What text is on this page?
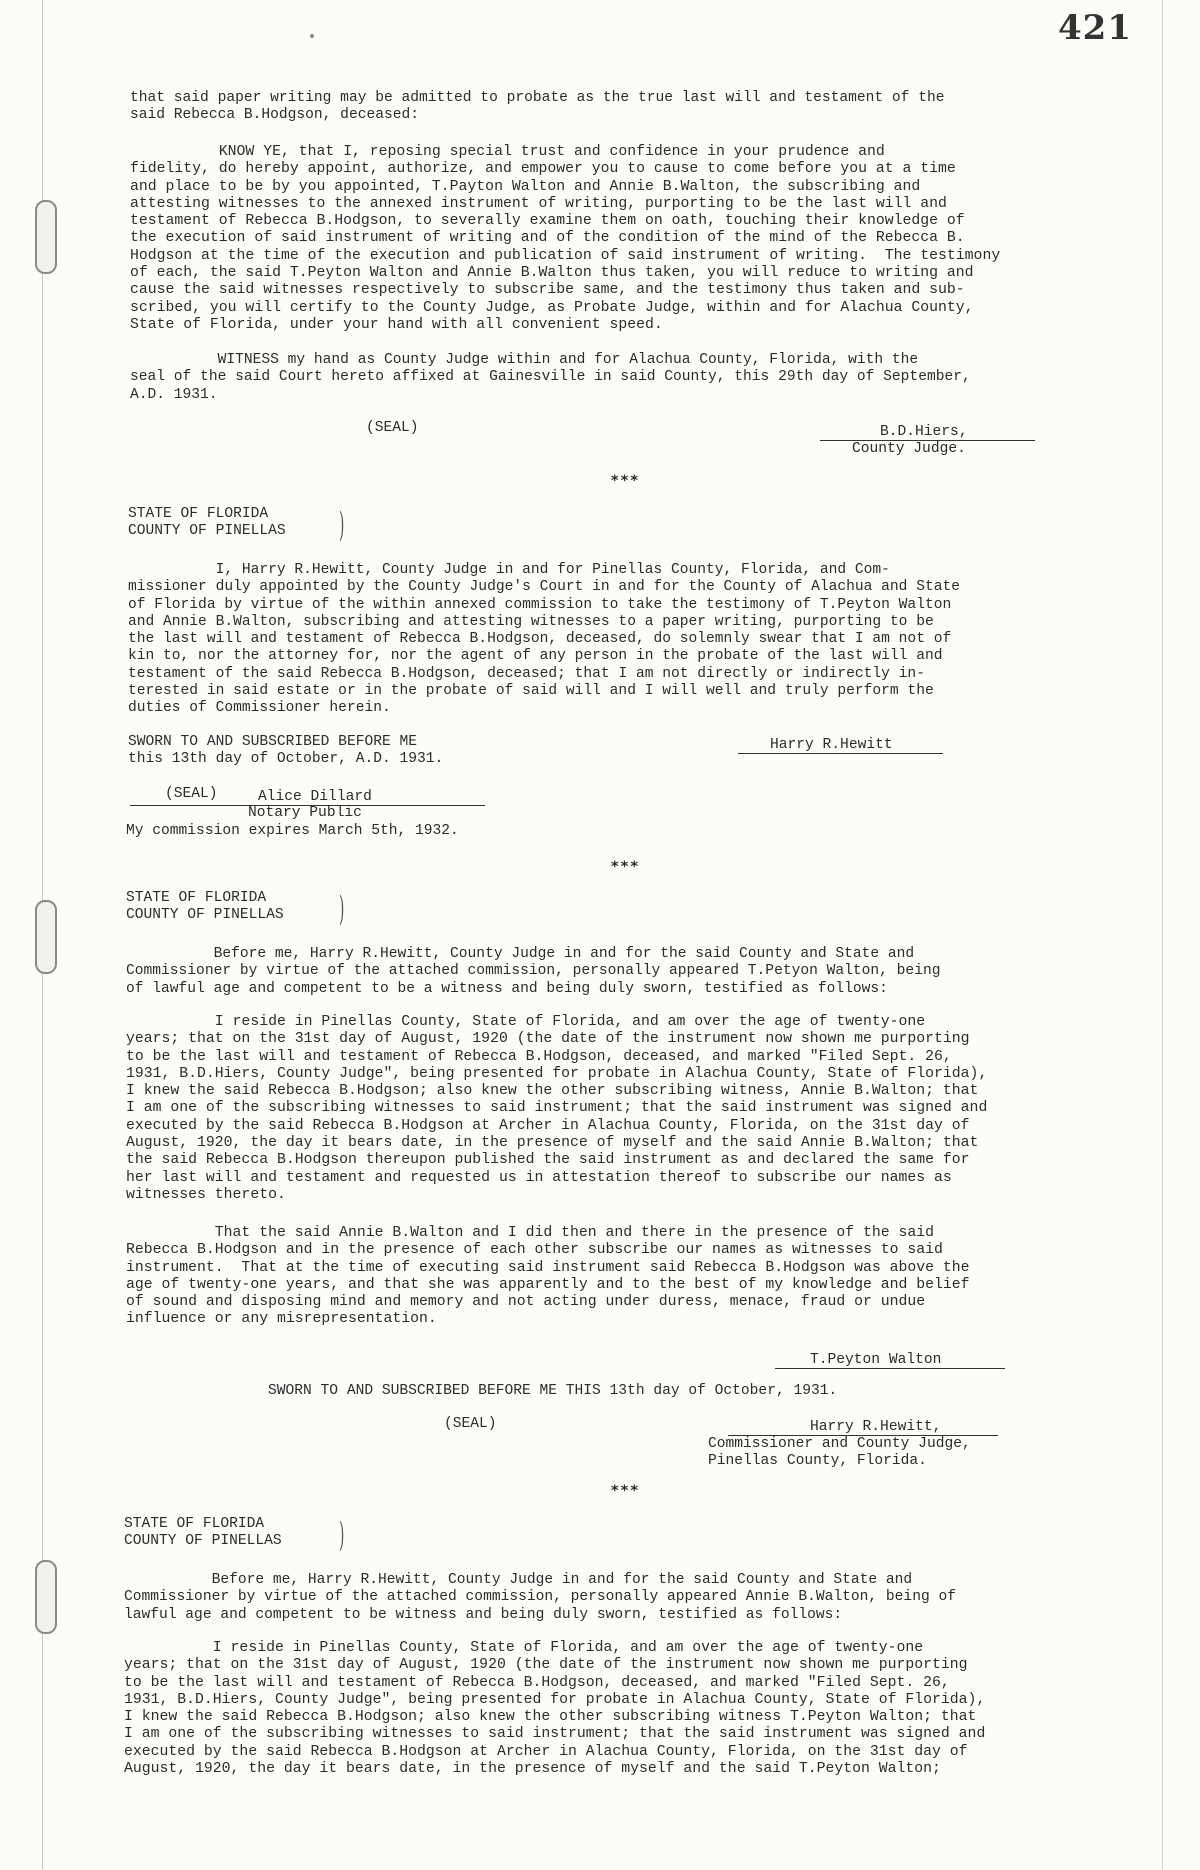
421
that said paper writing may be admitted to probate as the true last will and testament of the
said Rebecca B.Hodgson, deceased:
KNOW YE, that I, reposing special trust and confidence in your prudence and
fidelity, do hereby appoint, authorize, and empower you to cause to come before you at a time
and place to be by you appointed, T.Payton Walton and Annie B.Walton, the subscribing and
attesting witnesses to the annexed instrument of writing, purporting to be the last will and
testament of Rebecca B.Hodgson, to severally examine them on oath, touching their knowledge of
the execution of said instrument of writing and of the condition of the mind of the Rebecca B.
Hodgson at the time of the execution and publication of said instrument of writing.  The testimony
of each, the said T.Peyton Walton and Annie B.Walton thus taken, you will reduce to writing and
cause the said witnesses respectively to subscribe same, and the testimony thus taken and sub-
scribed, you will certify to the County Judge, as Probate Judge, within and for Alachua County,
State of Florida, under your hand with all convenient speed.
WITNESS my hand as County Judge within and for Alachua County, Florida, with the
seal of the said Court hereto affixed at Gainesville in said County, this 29th day of September,
A.D. 1931.
(SEAL)	B.D.Hiers,
County Judge.
***
STATE OF FLORIDA
COUNTY OF PINELLAS )
I, Harry R.Hewitt, County Judge in and for Pinellas County, Florida, and Com-
missioner duly appointed by the County Judge's Court in and for the County of Alachua and State
of Florida by virtue of the within annexed commission to take the testimony of T.Peyton Walton
and Annie B.Walton, subscribing and attesting witnesses to a paper writing, purporting to be
the last will and testament of Rebecca B.Hodgson, deceased, do solemnly swear that I am not of
kin to, nor the attorney for, nor the agent of any person in the probate of the last will and
testament of the said Rebecca B.Hodgson, deceased; that I am not directly or indirectly in-
terested in said estate or in the probate of said will and I will well and truly perform the
duties of Commissioner herein.
SWORN TO AND SUBSCRIBED BEFORE ME
this 13th day of October, A.D. 1931.
Harry R.Hewitt
(SEAL)	Alice Dillard
Notary Public
My commission expires March 5th, 1932.
***
STATE OF FLORIDA
COUNTY OF PINELLAS )
Before me, Harry R.Hewitt, County Judge in and for the said County and State and
Commissioner by virtue of the attached commission, personally appeared T.Petyon Walton, being
of lawful age and competent to be a witness and being duly sworn, testified as follows:
I reside in Pinellas County, State of Florida, and am over the age of twenty-one
years; that on the 31st day of August, 1920 (the date of the instrument now shown me purporting
to be the last will and testament of Rebecca B.Hodgson, deceased, and marked "Filed Sept. 26,
1931, B.D.Hiers, County Judge", being presented for probate in Alachua County, State of Florida),
I knew the said Rebecca B.Hodgson; also knew the other subscribing witness, Annie B.Walton; that
I am one of the subscribing witnesses to said instrument; that the said instrument was signed and
executed by the said Rebecca B.Hodgson at Archer in Alachua County, Florida, on the 31st day of
August, 1920, the day it bears date, in the presence of myself and the said Annie B.Walton; that
the said Rebecca B.Hodgson thereupon published the said instrument as and declared the same for
her last will and testament and requested us in attestation thereof to subscribe our names as
witnesses thereto.
That the said Annie B.Walton and I did then and there in the presence of the said
Rebecca B.Hodgson and in the presence of each other subscribe our names as witnesses to said
instrument.  That at the time of executing said instrument said Rebecca B.Hodgson was above the
age of twenty-one years, and that she was apparently and to the best of my knowledge and belief
of sound and disposing mind and memory and not acting under duress, menace, fraud or undue
influence or any misrepresentation.
T.Peyton Walton
SWORN TO AND SUBSCRIBED BEFORE ME THIS 13th day of October, 1931.
(SEAL)	Harry R.Hewitt,
Commissioner and County Judge,
Pinellas County, Florida.
***
STATE OF FLORIDA
COUNTY OF PINELLAS )
Before me, Harry R.Hewitt, County Judge in and for the said County and State and
Commissioner by virtue of the attached commission, personally appeared Annie B.Walton, being of
lawful age and competent to be witness and being duly sworn, testified as follows:
I reside in Pinellas County, State of Florida, and am over the age of twenty-one
years; that on the 31st day of August, 1920 (the date of the instrument now shown me purporting
to be the last will and testament of Rebecca B.Hodgson, deceased, and marked "Filed Sept. 26,
1931, B.D.Hiers, County Judge", being presented for probate in Alachua County, State of Florida),
I knew the said Rebecca B.Hodgson; also knew the other subscribing witness T.Peyton Walton; that
I am one of the subscribing witnesses to said instrument; that the said instrument was signed and
executed by the said Rebecca B.Hodgson at Archer in Alachua County, Florida, on the 31st day of
August, 1920, the day it bears date, in the presence of myself and the said T.Peyton Walton;
